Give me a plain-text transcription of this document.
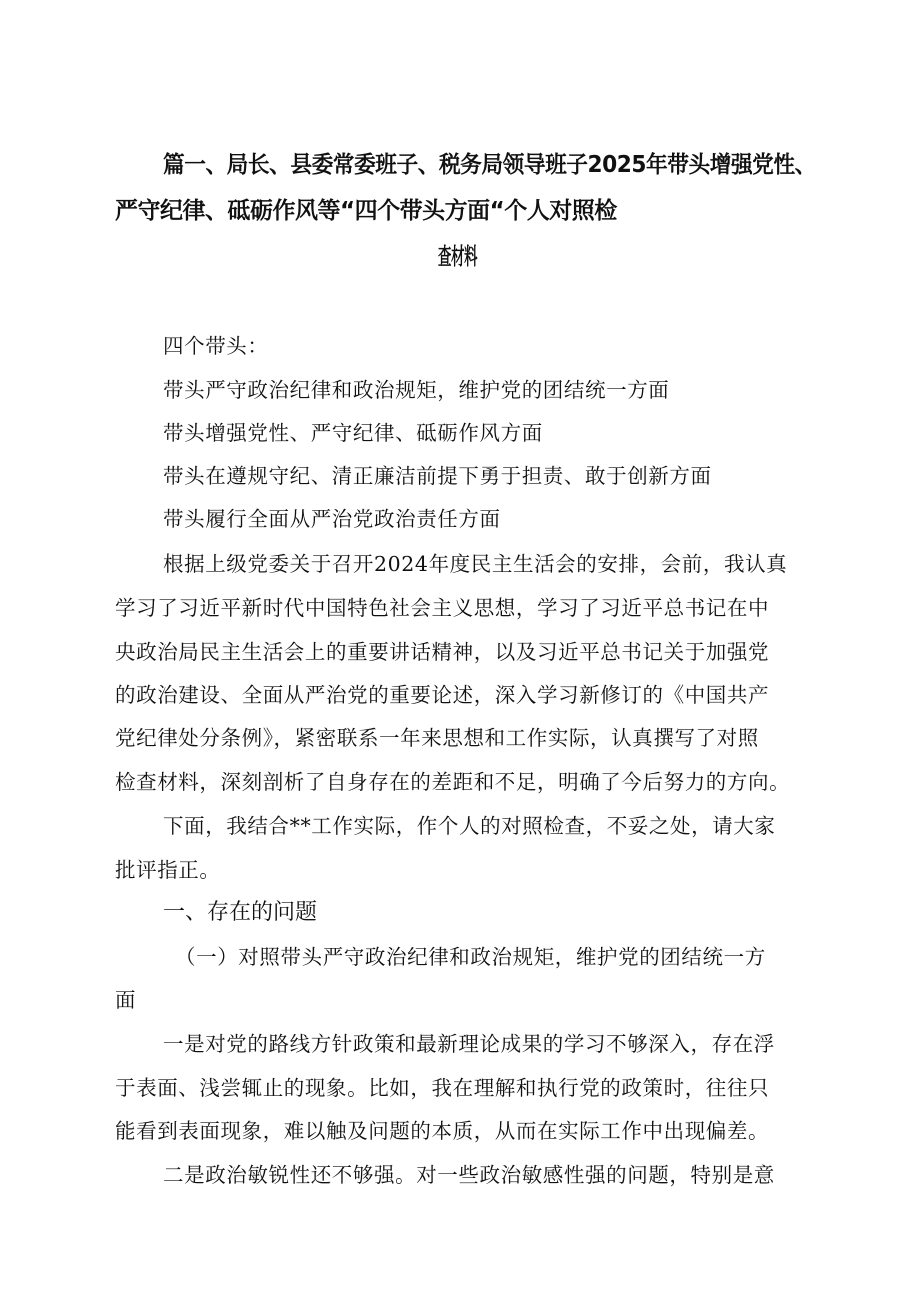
篇一、局长、县委常委班子、税务局领导班子2025年带头增强党性、
严守纪律、砥砺作风等“四个带头方面“个人对照检
查材料
四个带头：
带头严守政治纪律和政治规矩，维护党的团结统一方面
带头增强党性、严守纪律、砥砺作风方面
带头在遵规守纪、清正廉洁前提下勇于担责、敢于创新方面
带头履行全面从严治党政治责任方面
根据上级党委关于召开2024年度民主生活会的安排，会前，我认真
学习了习近平新时代中国特色社会主义思想，学习了习近平总书记在中
央政治局民主生活会上的重要讲话精神，以及习近平总书记关于加强党
的政治建设、全面从严治党的重要论述，深入学习新修订的《中国共产
党纪律处分条例》，紧密联系一年来思想和工作实际，认真撰写了对照
检查材料，深刻剖析了自身存在的差距和不足，明确了今后努力的方向。
下面，我结合**工作实际，作个人的对照检查，不妥之处，请大家
批评指正。
一、存在的问题
（一）对照带头严守政治纪律和政治规矩，维护党的团结统一方
面
一是对党的路线方针政策和最新理论成果的学习不够深入，存在浮
于表面、浅尝辄止的现象。比如，我在理解和执行党的政策时，往往只
能看到表面现象，难以触及问题的本质，从而在实际工作中出现偏差。
二是政治敏锐性还不够强。对一些政治敏感性强的问题，特别是意
